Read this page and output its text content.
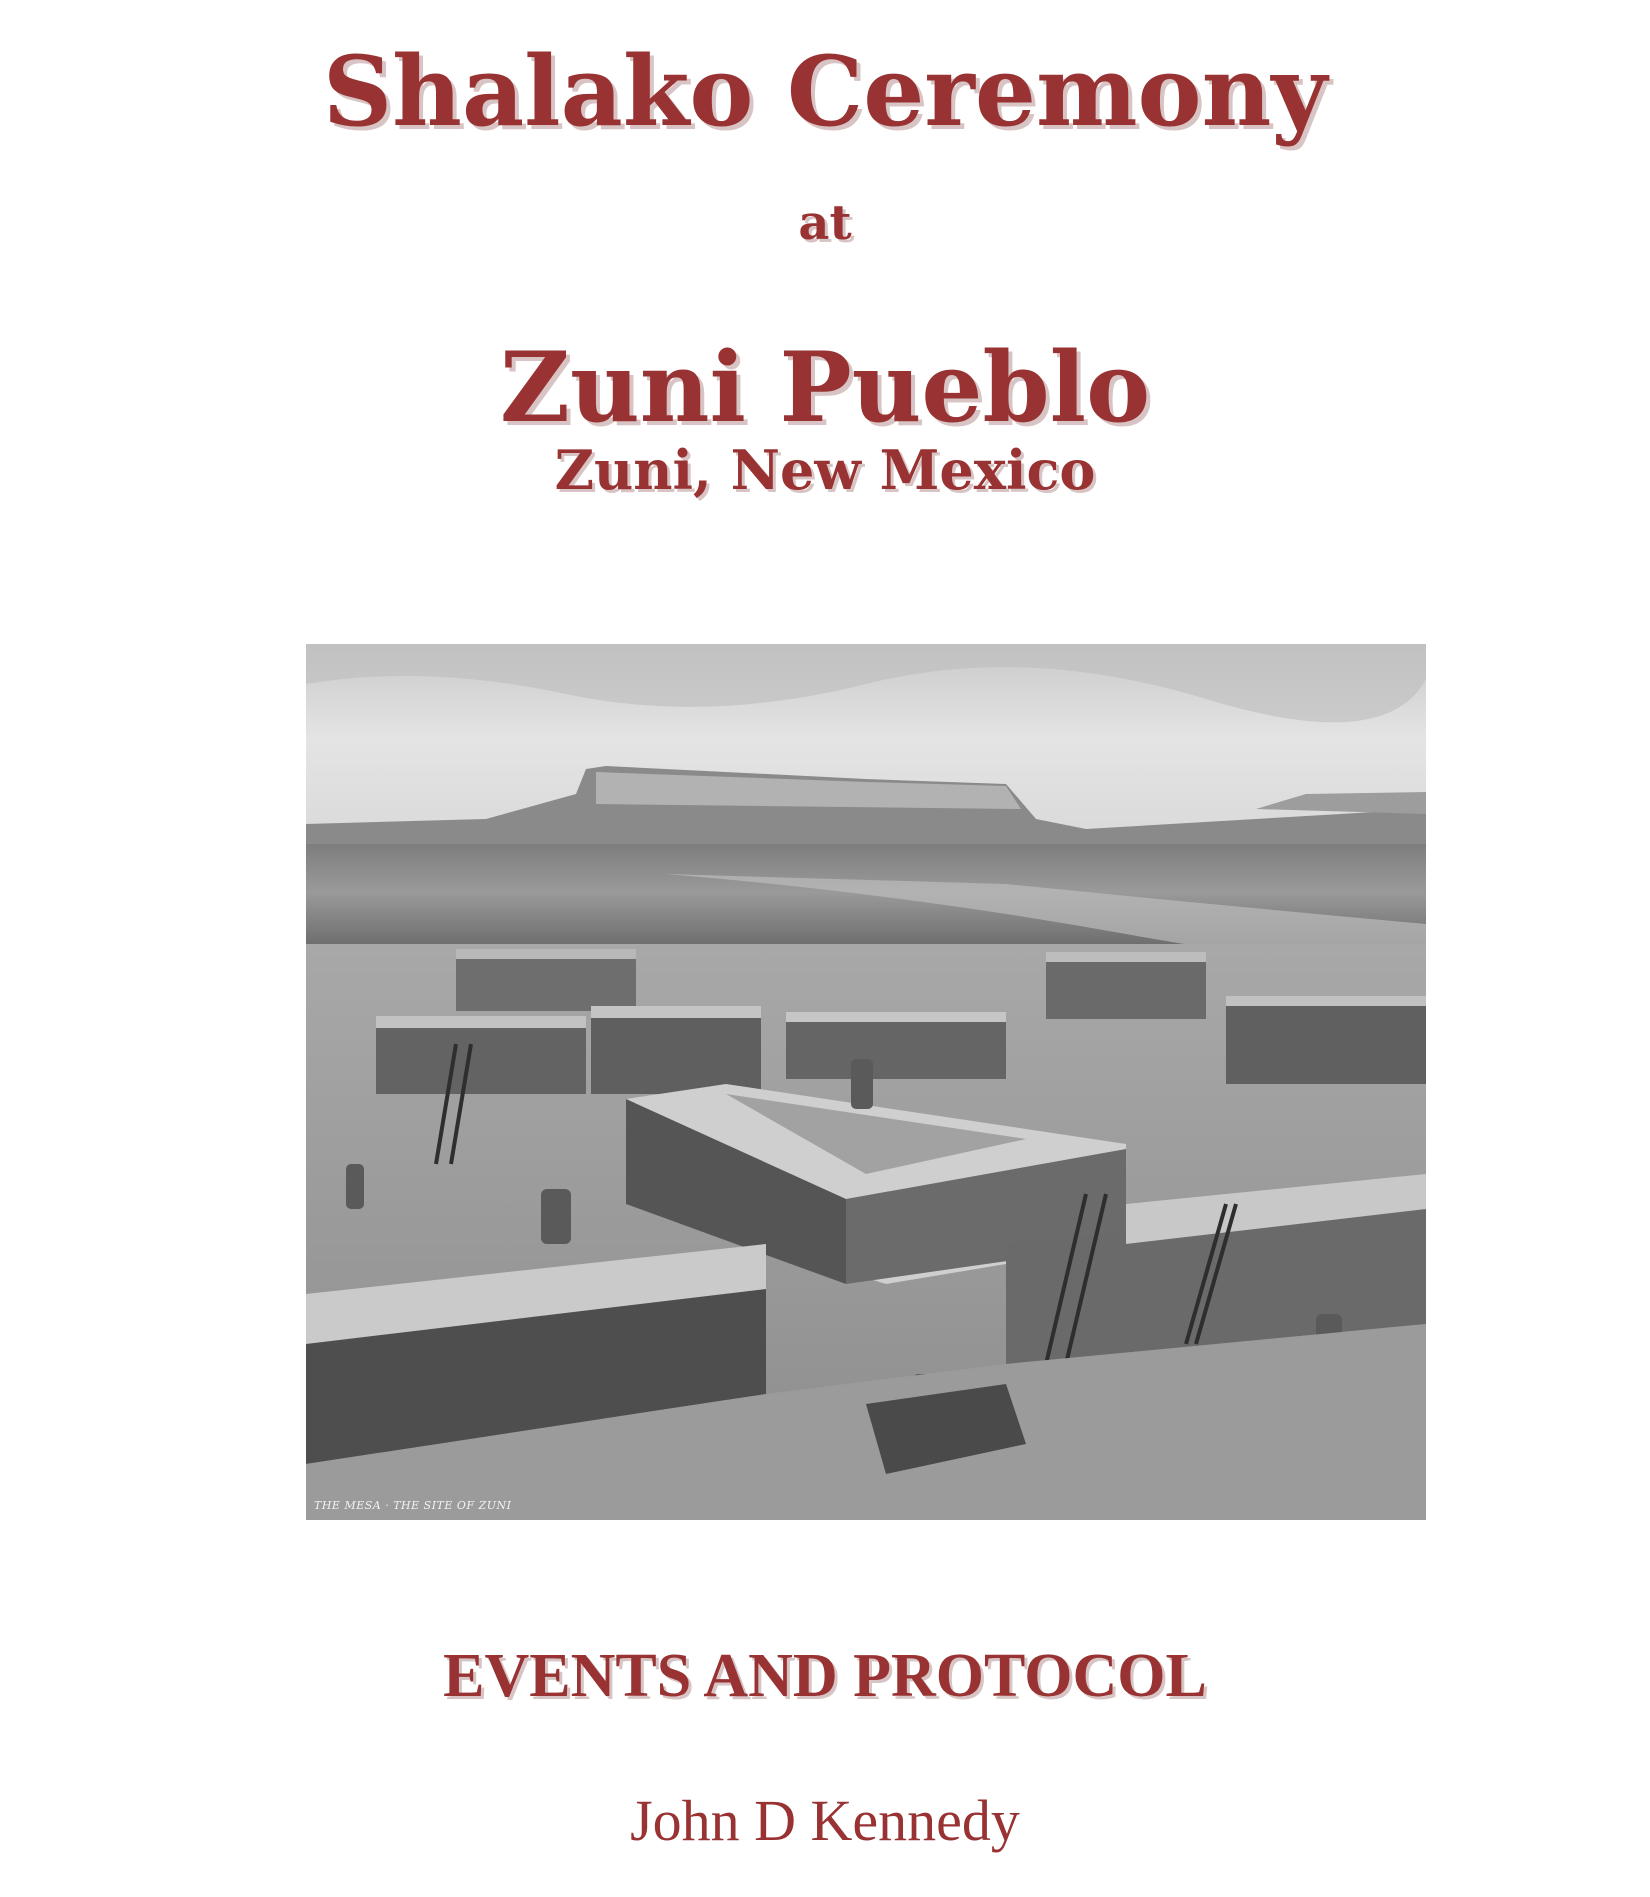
Shalako Ceremony
at
Zuni Pueblo
Zuni, New Mexico
THE MESA · THE SITE OF ZUNI
EVENTS AND PROTOCOL
John D Kennedy
